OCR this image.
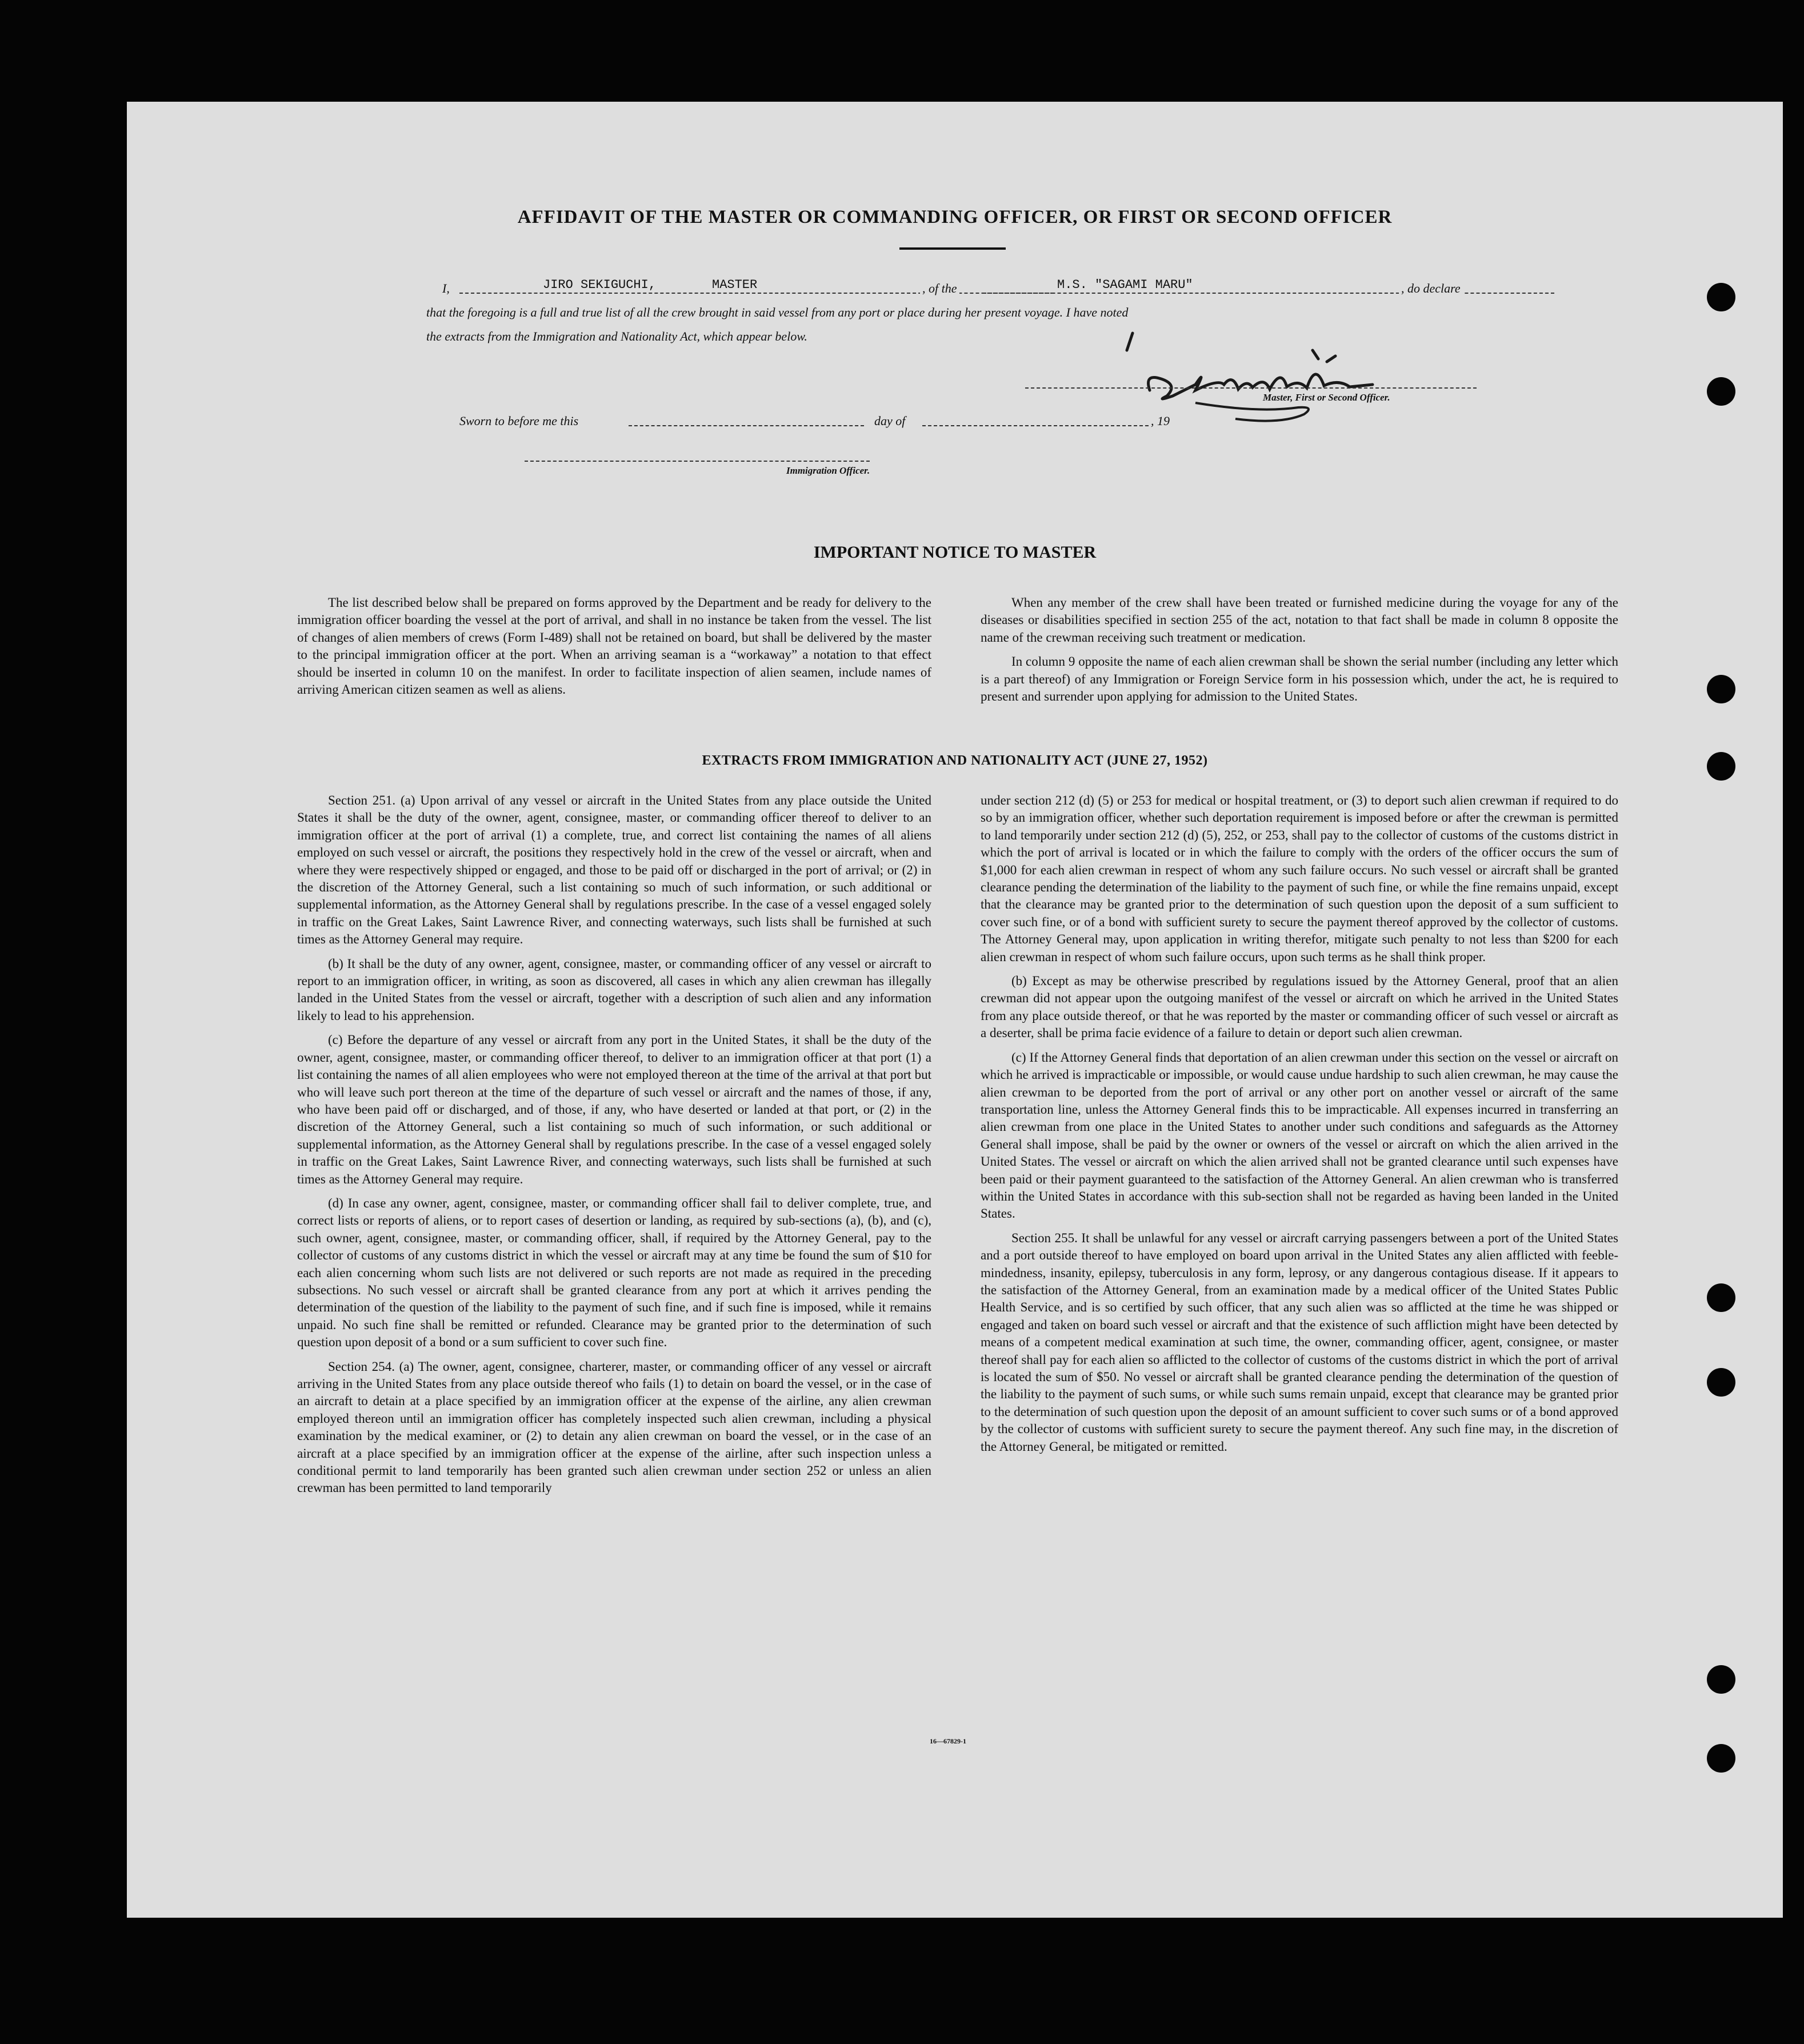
AFFIDAVIT OF THE MASTER OR COMMANDING OFFICER, OR FIRST OR SECOND OFFICER
I,	JIRO SEKIGUCHI,	MASTER	, of the	M.S. "SAGAMI MARU"	, do declare
that the foregoing is a full and true list of all the crew brought in said vessel from any port or place during her present voyage. I have noted
the extracts from the Immigration and Nationality Act, which appear below.
Master, First or Second Officer.
Sworn to before me this	day of	, 19
Immigration Officer.
IMPORTANT NOTICE TO MASTER

The list described below shall be prepared on forms approved by the Department and be ready for delivery to the immigration officer boarding the vessel at the port of arrival, and shall in no instance be taken from the vessel. The list of changes of alien members of crews (Form I-489) shall not be retained on board, but shall be delivered by the master to the principal immigration officer at the port. When an arriving seaman is a “workaway” a notation to that effect should be inserted in column 10 on the manifest. In order to facilitate inspection of alien seamen, include names of arriving American citizen seamen as well as aliens.

When any member of the crew shall have been treated or furnished medicine during the voyage for any of the diseases or disabilities specified in section 255 of the act, notation to that fact shall be made in column 8 opposite the name of the crewman receiving such treatment or medication.

In column 9 opposite the name of each alien crewman shall be shown the serial number (including any letter which is a part thereof) of any Immigration or Foreign Service form in his possession which, under the act, he is required to present and surrender upon applying for admission to the United States.

EXTRACTS FROM IMMIGRATION AND NATIONALITY ACT (JUNE 27, 1952)

Section 251. (a) Upon arrival of any vessel or aircraft in the United States from any place outside the United States it shall be the duty of the owner, agent, consignee, master, or commanding officer thereof to deliver to an immigration officer at the port of arrival (1) a complete, true, and correct list containing the names of all aliens employed on such vessel or aircraft, the positions they respectively hold in the crew of the vessel or aircraft, when and where they were respectively shipped or engaged, and those to be paid off or discharged in the port of arrival; or (2) in the discretion of the Attorney General, such a list containing so much of such information, or such additional or supplemental information, as the Attorney General shall by regulations prescribe. In the case of a vessel engaged solely in traffic on the Great Lakes, Saint Lawrence River, and connecting waterways, such lists shall be furnished at such times as the Attorney General may require.

(b) It shall be the duty of any owner, agent, consignee, master, or commanding officer of any vessel or aircraft to report to an immigration officer, in writing, as soon as discovered, all cases in which any alien crewman has illegally landed in the United States from the vessel or aircraft, together with a description of such alien and any information likely to lead to his apprehension.

(c) Before the departure of any vessel or aircraft from any port in the United States, it shall be the duty of the owner, agent, consignee, master, or commanding officer thereof, to deliver to an immigration officer at that port (1) a list containing the names of all alien employees who were not employed thereon at the time of the arrival at that port but who will leave such port thereon at the time of the departure of such vessel or aircraft and the names of those, if any, who have been paid off or discharged, and of those, if any, who have deserted or landed at that port, or (2) in the discretion of the Attorney General, such a list containing so much of such information, or such additional or supplemental information, as the Attorney General shall by regulations prescribe. In the case of a vessel engaged solely in traffic on the Great Lakes, Saint Lawrence River, and connecting waterways, such lists shall be furnished at such times as the Attorney General may require.

(d) In case any owner, agent, consignee, master, or commanding officer shall fail to deliver complete, true, and correct lists or reports of aliens, or to report cases of desertion or landing, as required by sub-sections (a), (b), and (c), such owner, agent, consignee, master, or commanding officer, shall, if required by the Attorney General, pay to the collector of customs of any customs district in which the vessel or aircraft may at any time be found the sum of $10 for each alien concerning whom such lists are not delivered or such reports are not made as required in the preceding subsections. No such vessel or aircraft shall be granted clearance from any port at which it arrives pending the determination of the question of the liability to the payment of such fine, and if such fine is imposed, while it remains unpaid. No such fine shall be remitted or refunded. Clearance may be granted prior to the determination of such question upon deposit of a bond or a sum sufficient to cover such fine.

Section 254. (a) The owner, agent, consignee, charterer, master, or commanding officer of any vessel or aircraft arriving in the United States from any place outside thereof who fails (1) to detain on board the vessel, or in the case of an aircraft to detain at a place specified by an immigration officer at the expense of the airline, any alien crewman employed thereon until an immigration officer has completely inspected such alien crewman, including a physical examination by the medical examiner, or (2) to detain any alien crewman on board the vessel, or in the case of an aircraft at a place specified by an immigration officer at the expense of the airline, after such inspection unless a conditional permit to land temporarily has been granted such alien crewman under section 252 or unless an alien crewman has been permitted to land temporarily

under section 212 (d) (5) or 253 for medical or hospital treatment, or (3) to deport such alien crewman if required to do so by an immigration officer, whether such deportation requirement is imposed before or after the crewman is permitted to land temporarily under section 212 (d) (5), 252, or 253, shall pay to the collector of customs of the customs district in which the port of arrival is located or in which the failure to comply with the orders of the officer occurs the sum of $1,000 for each alien crewman in respect of whom any such failure occurs. No such vessel or aircraft shall be granted clearance pending the determination of the liability to the payment of such fine, or while the fine remains unpaid, except that the clearance may be granted prior to the determination of such question upon the deposit of a sum sufficient to cover such fine, or of a bond with sufficient surety to secure the payment thereof approved by the collector of customs. The Attorney General may, upon application in writing therefor, mitigate such penalty to not less than $200 for each alien crewman in respect of whom such failure occurs, upon such terms as he shall think proper.

(b) Except as may be otherwise prescribed by regulations issued by the Attorney General, proof that an alien crewman did not appear upon the outgoing manifest of the vessel or aircraft on which he arrived in the United States from any place outside thereof, or that he was reported by the master or commanding officer of such vessel or aircraft as a deserter, shall be prima facie evidence of a failure to detain or deport such alien crewman.

(c) If the Attorney General finds that deportation of an alien crewman under this section on the vessel or aircraft on which he arrived is impracticable or impossible, or would cause undue hardship to such alien crewman, he may cause the alien crewman to be deported from the port of arrival or any other port on another vessel or aircraft of the same transportation line, unless the Attorney General finds this to be impracticable. All expenses incurred in transferring an alien crewman from one place in the United States to another under such conditions and safeguards as the Attorney General shall impose, shall be paid by the owner or owners of the vessel or aircraft on which the alien arrived in the United States. The vessel or aircraft on which the alien arrived shall not be granted clearance until such expenses have been paid or their payment guaranteed to the satisfaction of the Attorney General. An alien crewman who is transferred within the United States in accordance with this sub-section shall not be regarded as having been landed in the United States.

Section 255. It shall be unlawful for any vessel or aircraft carrying passengers between a port of the United States and a port outside thereof to have employed on board upon arrival in the United States any alien afflicted with feeble-mindedness, insanity, epilepsy, tuberculosis in any form, leprosy, or any dangerous contagious disease. If it appears to the satisfaction of the Attorney General, from an examination made by a medical officer of the United States Public Health Service, and is so certified by such officer, that any such alien was so afflicted at the time he was shipped or engaged and taken on board such vessel or aircraft and that the existence of such affliction might have been detected by means of a competent medical examination at such time, the owner, commanding officer, agent, consignee, or master thereof shall pay for each alien so afflicted to the collector of customs of the customs district in which the port of arrival is located the sum of $50. No vessel or aircraft shall be granted clearance pending the determination of the question of the liability to the payment of such sums, or while such sums remain unpaid, except that clearance may be granted prior to the determination of such question upon the deposit of an amount sufficient to cover such sums or of a bond approved by the collector of customs with sufficient surety to secure the payment thereof. Any such fine may, in the discretion of the Attorney General, be mitigated or remitted.

16—67829-1
